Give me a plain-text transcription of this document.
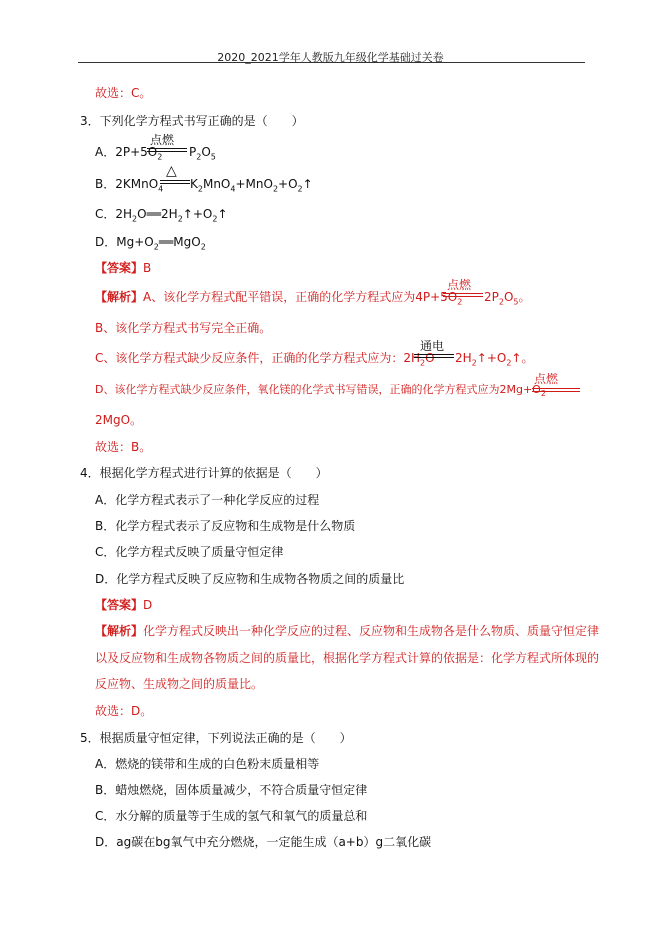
2020_2021学年人教版九年级化学基础过关卷
故选：C。
3．下列化学方程式书写正确的是（　　）
A．$2P+5O_2$
点燃
$P_2O_5$
B．2KMnO$_4$
△
$K_2MnO_4+MnO_2+O_2↑$
C．$2H_2O══2H_2↑+O_2↑$
D．$Mg+O_2══MgO_2$
【答案】B
【解析】A、该化学方程式配平错误，正确的化学方程式应为$4P+5O_2$
点燃
$2P_2O_5$。
B、该化学方程式书写完全正确。
C、该化学方程式缺少反应条件，正确的化学方程式应为：$2H_2O$
通电
$2H_2↑+O_2↑$。
D、该化学方程式缺少反应条件，氧化镁的化学式书写错误，正确的化学方程式应为$2Mg+O_2$
点燃
2MgO。
故选：B。
4．根据化学方程式进行计算的依据是（　　）
A．化学方程式表示了一种化学反应的过程
B．化学方程式表示了反应物和生成物是什么物质
C．化学方程式反映了质量守恒定律
D．化学方程式反映了反应物和生成物各物质之间的质量比
【答案】D
【解析】化学方程式反映出一种化学反应的过程、反应物和生成物各是什么物质、质量守恒定律
以及反应物和生成物各物质之间的质量比，根据化学方程式计算的依据是：化学方程式所体现的
反应物、生成物之间的质量比。
故选：D。
5．根据质量守恒定律，下列说法正确的是（　　）
A．燃烧的镁带和生成的白色粉末质量相等
B．蜡烛燃烧，固体质量减少，不符合质量守恒定律
C．水分解的质量等于生成的氢气和氧气的质量总和
D．ag碳在bg氧气中充分燃烧，一定能生成（a+b）g二氧化碳
